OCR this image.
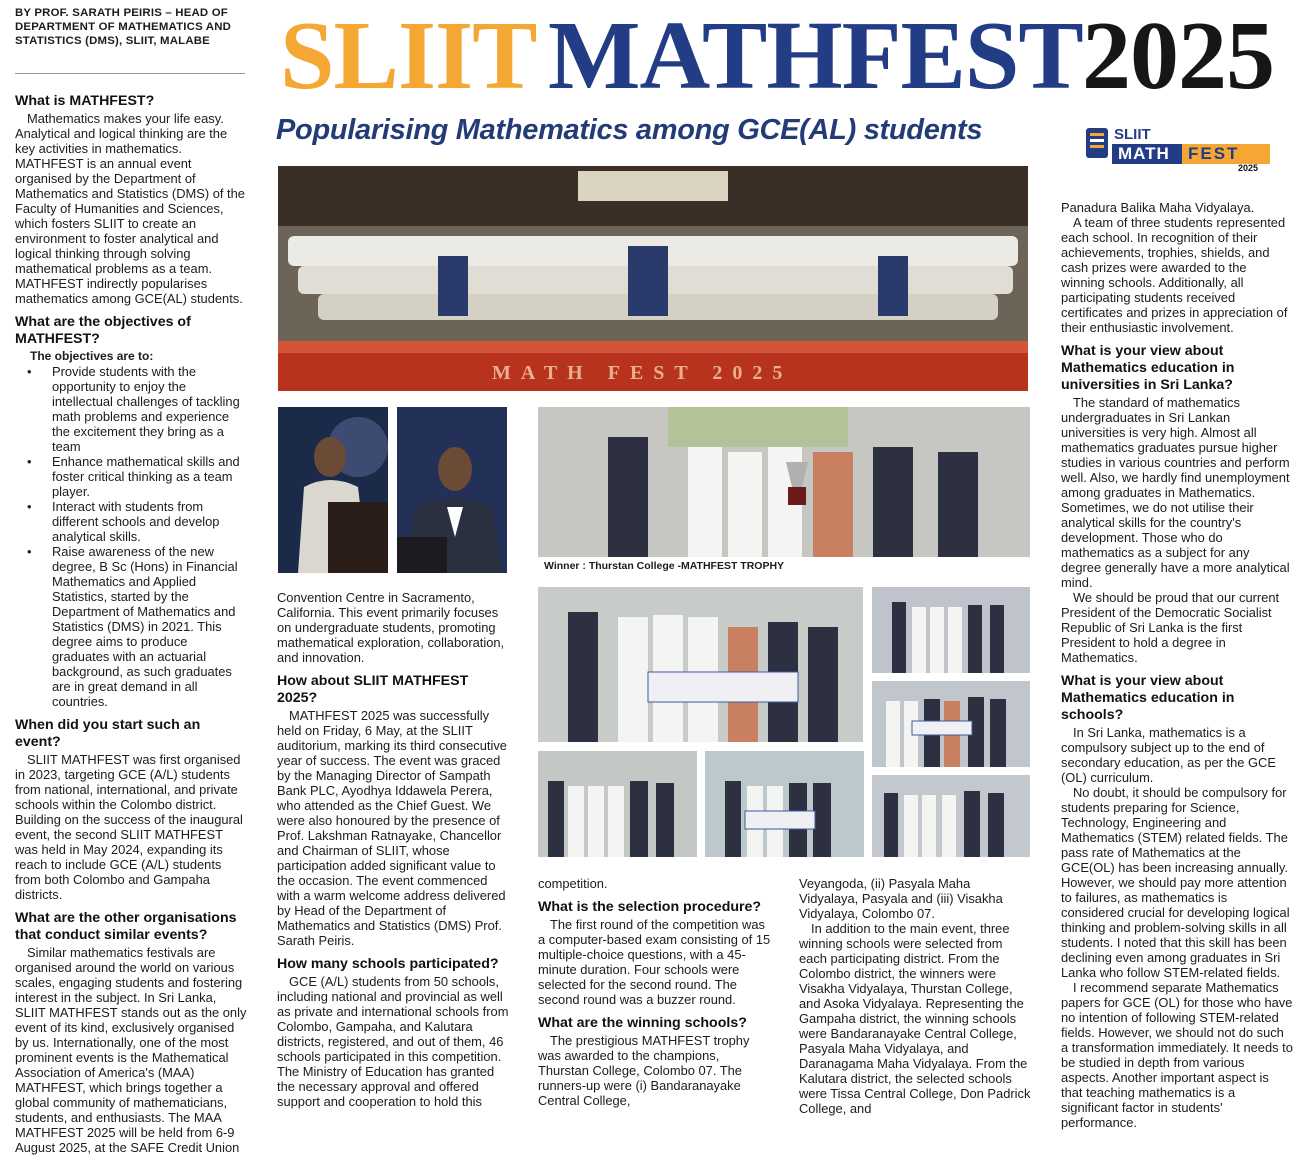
BY PROF. SARATH PEIRIS – HEAD OF DEPARTMENT OF MATHEMATICS AND STATISTICS (DMS), SLIIT, MALABE SLIIT MATHFEST 2025
Popularising Mathematics among GCE(AL) students	SLIIT
MATH FEST
2025
MATH FEST 2025
Winner : Thurstan College -MATHFEST TROPHY
What is MATHFEST?

Mathematics makes your life easy. Analytical and logical thinking are the key activities in mathematics. MATHFEST is an annual event organised by the Department of Mathematics and Statistics (DMS) of the Faculty of Humanities and Sciences, which fosters SLIIT to create an environment to foster analytical and logical thinking through solving mathematical problems as a team. MATHFEST indirectly popularises mathematics among GCE(AL) students.

What are the objectives of MATHFEST?
The objectives are to:
• Provide students with the opportunity to enjoy the intellectual challenges of tackling math problems and experience the excitement they bring as a team
• Enhance mathematical skills and foster critical thinking as a team player.
• Interact with students from different schools and develop analytical skills.
• Raise awareness of the new degree, B Sc (Hons) in Financial Mathematics and Applied Statistics, started by the Department of Mathematics and Statistics (DMS) in 2021. This degree aims to produce graduates with an actuarial background, as such graduates are in great demand in all countries.
When did you start such an event?

SLIIT MATHFEST was first organised in 2023, targeting GCE (A/L) students from national, international, and private schools within the Colombo district. Building on the success of the inaugural event, the second SLIIT MATHFEST was held in May 2024, expanding its reach to include GCE (A/L) students from both Colombo and Gampaha districts.

What are the other organisations that conduct similar events?

Similar mathematics festivals are organised around the world on various scales, engaging students and fostering interest in the subject. In Sri Lanka, SLIIT MATHFEST stands out as the only event of its kind, exclusively organised by us. Internationally, one of the most prominent events is the Mathematical Association of America's (MAA) MATHFEST, which brings together a global community of mathematicians, students, and enthusiasts. The MAA MATHFEST 2025 will be held from 6-9 August 2025, at the SAFE Credit Union

Convention Centre in Sacramento, California. This event primarily focuses on undergraduate students, promoting mathematical exploration, collaboration, and innovation.

How about SLIIT MATHFEST 2025?

MATHFEST 2025 was successfully held on Friday, 6 May, at the SLIIT auditorium, marking its third consecutive year of success. The event was graced by the Managing Director of Sampath Bank PLC, Ayodhya Iddawela Perera, who attended as the Chief Guest. We were also honoured by the presence of Prof. Lakshman Ratnayake, Chancellor and Chairman of SLIIT, whose participation added significant value to the occasion. The event commenced with a warm welcome address delivered by Head of the Department of Mathematics and Statistics (DMS) Prof. Sarath Peiris.

How many schools participated?

GCE (A/L) students from 50 schools, including national and provincial as well as private and international schools from Colombo, Gampaha, and Kalutara districts, registered, and out of them, 46 schools participated in this competition. The Ministry of Education has granted the necessary approval and offered support and cooperation to hold this

competition.

What is the selection procedure?

The first round of the competition was a computer-based exam consisting of 15 multiple-choice questions, with a 45-minute duration. Four schools were selected for the second round. The second round was a buzzer round.

What are the winning schools?

The prestigious MATHFEST trophy was awarded to the champions, Thurstan College, Colombo 07. The runners-up were (i) Bandaranayake Central College,

Veyangoda, (ii) Pasyala Maha Vidyalaya, Pasyala and (iii) Visakha Vidyalaya, Colombo 07.

In addition to the main event, three winning schools were selected from each participating district. From the Colombo district, the winners were Visakha Vidyalaya, Thurstan College, and Asoka Vidyalaya. Representing the Gampaha district, the winning schools were Bandaranayake Central College, Pasyala Maha Vidyalaya, and Daranagama Maha Vidyalaya. From the Kalutara district, the selected schools were Tissa Central College, Don Padrick College, and

Panadura Balika Maha Vidyalaya.

A team of three students represented each school. In recognition of their achievements, trophies, shields, and cash prizes were awarded to the winning schools. Additionally, all participating students received certificates and prizes in appreciation of their enthusiastic involvement.

What is your view about Mathematics education in universities in Sri Lanka?

The standard of mathematics undergraduates in Sri Lankan universities is very high. Almost all mathematics graduates pursue higher studies in various countries and perform well. Also, we hardly find unemployment among graduates in Mathematics. Sometimes, we do not utilise their analytical skills for the country's development. Those who do mathematics as a subject for any degree generally have a more analytical mind.

We should be proud that our current President of the Democratic Socialist Republic of Sri Lanka is the first President to hold a degree in Mathematics.

What is your view about Mathematics education in schools?

In Sri Lanka, mathematics is a compulsory subject up to the end of secondary education, as per the GCE (OL) curriculum.

No doubt, it should be compulsory for students preparing for Science, Technology, Engineering and Mathematics (STEM) related fields. The pass rate of Mathematics at the GCE(OL) has been increasing annually. However, we should pay more attention to failures, as mathematics is considered crucial for developing logical thinking and problem-solving skills in all students. I noted that this skill has been declining even among graduates in Sri Lanka who follow STEM-related fields.

I recommend separate Mathematics papers for GCE (OL) for those who have no intention of following STEM-related fields. However, we should not do such a transformation immediately. It needs to be studied in depth from various aspects. Another important aspect is that teaching mathematics is a significant factor in students' performance.
